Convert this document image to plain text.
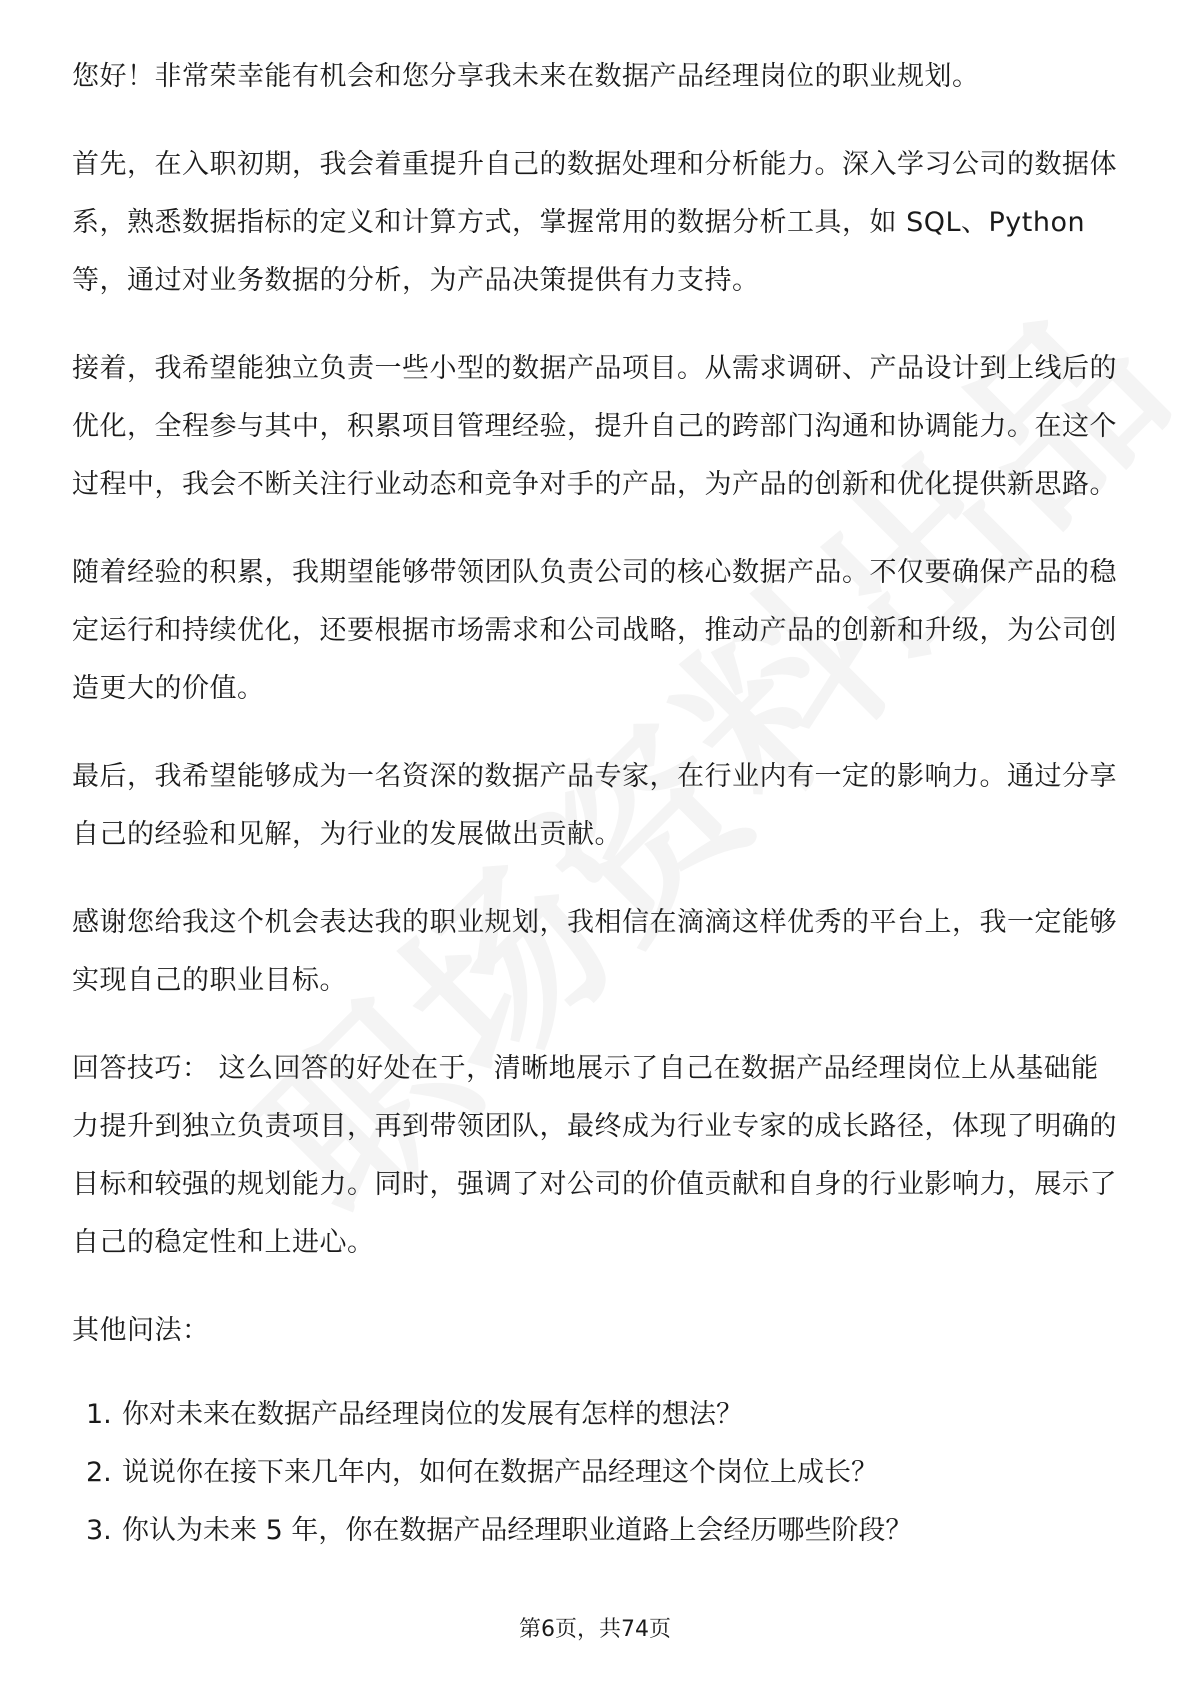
您好！非常荣幸能有机会和您分享我未来在数据产品经理岗位的职业规划。

首先，在入职初期，我会着重提升自己的数据处理和分析能力。深入学习公司的数据体系，熟悉数据指标的定义和计算方式，掌握常用的数据分析工具，如 SQL、Python 等，通过对业务数据的分析，为产品决策提供有力支持。

接着，我希望能独立负责一些小型的数据产品项目。从需求调研、产品设计到上线后的优化，全程参与其中，积累项目管理经验，提升自己的跨部门沟通和协调能力。在这个过程中，我会不断关注行业动态和竞争对手的产品，为产品的创新和优化提供新思路。

随着经验的积累，我期望能够带领团队负责公司的核心数据产品。不仅要确保产品的稳定运行和持续优化，还要根据市场需求和公司战略，推动产品的创新和升级，为公司创造更大的价值。

最后，我希望能够成为一名资深的数据产品专家，在行业内有一定的影响力。通过分享自己的经验和见解，为行业的发展做出贡献。

感谢您给我这个机会表达我的职业规划，我相信在滴滴这样优秀的平台上，我一定能够实现自己的职业目标。

回答技巧： 这么回答的好处在于，清晰地展示了自己在数据产品经理岗位上从基础能力提升到独立负责项目，再到带领团队，最终成为行业专家的成长路径，体现了明确的目标和较强的规划能力。同时，强调了对公司的价值贡献和自身的行业影响力，展示了自己的稳定性和上进心。

其他问法：

1. 你对未来在数据产品经理岗位的发展有怎样的想法？
2. 说说你在接下来几年内，如何在数据产品经理这个岗位上成长？
3. 你认为未来 5 年，你在数据产品经理职业道路上会经历哪些阶段？
第6页，共74页
